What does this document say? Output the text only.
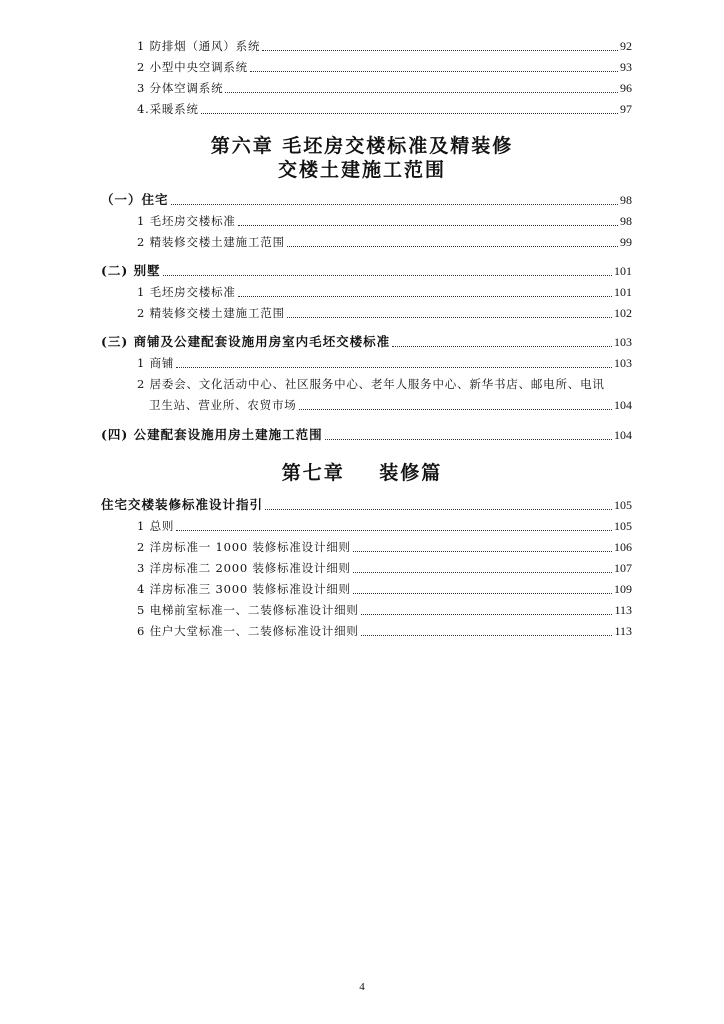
1 防排烟（通风）系统	92
2 小型中央空调系统	93
3 分体空调系统	96
4.采暖系统	97
第六章 毛坯房交楼标准及精装修
交楼土建施工范围
（一）住宅	98
1 毛坯房交楼标准	98
2 精装修交楼土建施工范围	99
(二) 别墅	101
1 毛坯房交楼标准	101
2 精装修交楼土建施工范围	102
(三) 商铺及公建配套设施用房室内毛坯交楼标准	103
1 商铺	103
2 居委会、文化活动中心、社区服务中心、老年人服务中心、新华书店、邮电所、电讯
卫生站、营业所、农贸市场	104
(四) 公建配套设施用房土建施工范围	104
第七章    装修篇
住宅交楼装修标准设计指引	105
1 总则	105
2 洋房标准一 1000 装修标准设计细则	106
3 洋房标准二 2000 装修标准设计细则	107
4 洋房标准三 3000 装修标准设计细则	109
5 电梯前室标准一、二装修标准设计细则	113
6 住户大堂标准一、二装修标准设计细则	113
4
